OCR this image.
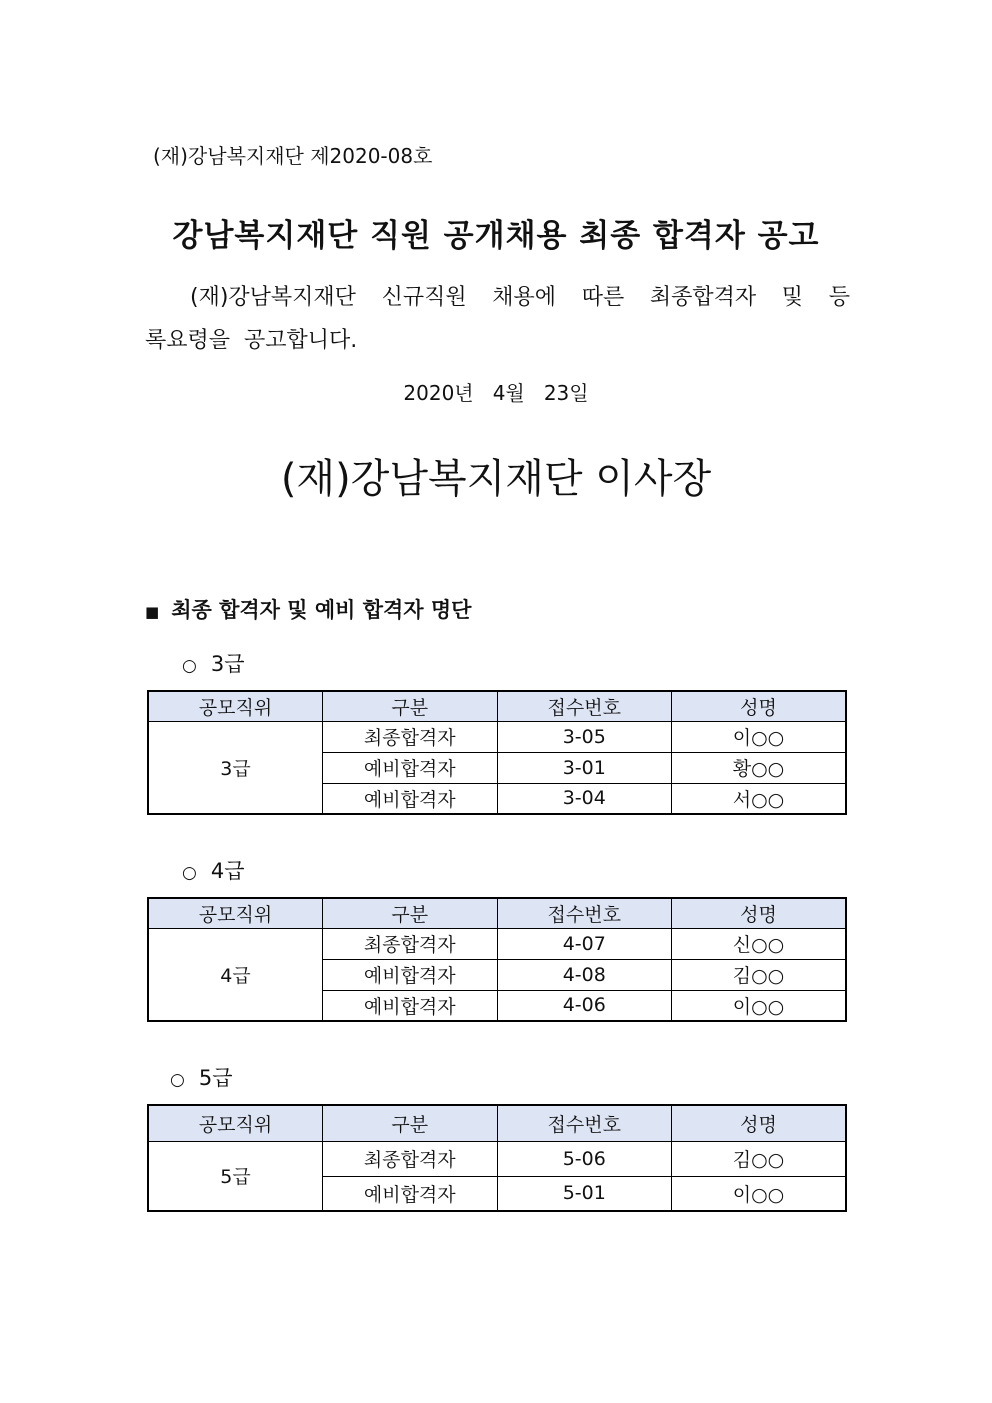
(재)강남복지재단 제2020-08호
강남복지재단 직원 공개채용 최종 합격자 공고
(재)강남복지재단 신규직원 채용에 따른 최종합격자 및 등
록요령을  공고합니다.
2020년   4월   23일
(재)강남복지재단 이사장
■ 최종 합격자 및 예비 합격자 명단
○ 3급
공모직위	구분	접수번호	성명
3급	최종합격자	3-05	이○○
	예비합격자	3-01	황○○
	예비합격자	3-04	서○○
○ 4급
공모직위	구분	접수번호	성명
4급	최종합격자	4-07	신○○
	예비합격자	4-08	김○○
	예비합격자	4-06	이○○
○ 5급
공모직위	구분	접수번호	성명
5급	최종합격자	5-06	김○○
	예비합격자	5-01	이○○
